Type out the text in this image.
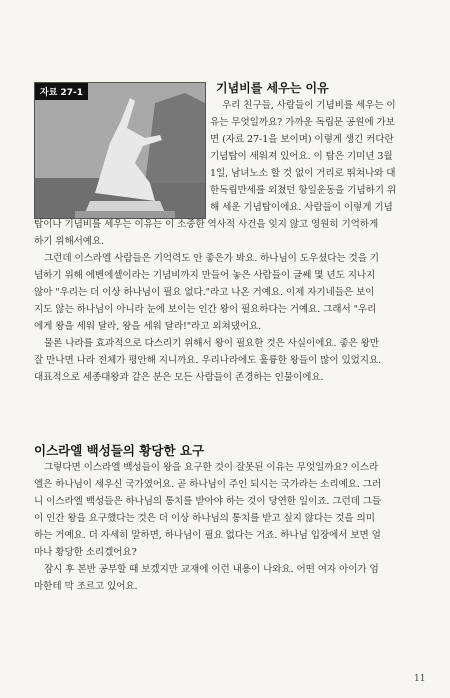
자료 27-1	기념비를 세우는 이유
우리 친구들, 사람들이 기념비를 세우는 이
유는 무엇일까요? 가까운 독립문 공원에 가보
면 (자료 27-1을 보이며) 이렇게 생긴 커다란
기념탑이 세워져 있어요. 이 탑은 기미년 3월
1일, 남녀노소 할 것 없이 거리로 뛰쳐나와 대
한독립만세를 외쳤던 항일운동을 기념하기 위
해 세운 기념탑이에요. 사람들이 이렇게 기념
탑이나 기념비를 세우는 이유는 이 소중한 역사적 사건을 잊지 않고 영원히 기억하게
하기 위해서예요.
그런데 이스라엘 사람들은 기억력도 안 좋은가 봐요. 하나님이 도우셨다는 것을 기
념하기 위해 에벤에셀이라는 기념비까지 만들어 놓은 사람들이 글쎄 몇 년도 지나지
않아 "우리는 더 이상 하나님이 필요 없다."라고 나온 거예요. 이제 자기네들은 보이
지도 않는 하나님이 아니라 눈에 보이는 인간 왕이 필요하다는 거예요. 그래서 "우리
에게 왕을 세워 달라, 왕을 세워 달라!"라고 외쳐댔어요.
물론 나라를 효과적으로 다스리기 위해서 왕이 필요한 것은 사실이에요. 좋은 왕만
잘 만나면 나라 전체가 평안해 지니까요. 우리나라에도 훌륭한 왕들이 많이 있었지요.
대표적으로 세종대왕과 같은 분은 모든 사람들이 존경하는 인물이에요.
이스라엘 백성들의 황당한 요구
그렇다면 이스라엘 백성들이 왕을 요구한 것이 잘못된 이유는 무엇일까요? 이스라
엘은 하나님이 세우신 국가였어요. 곧 하나님이 주인 되시는 국가라는 소리예요. 그러
니 이스라엘 백성들은 하나님의 통치를 받아야 하는 것이 당연한 일이죠. 그런데 그들
이 인간 왕을 요구했다는 것은 더 이상 하나님의 통치를 받고 싶지 않다는 것을 의미
하는 거예요. 더 자세히 말하면, 하나님이 필요 없다는 거죠. 하나님 입장에서 보면 얼
마나 황당한 소리겠어요?
잠시 후 본반 공부할 때 보겠지만 교재에 이런 내용이 나와요. 어떤 여자 아이가 엄
마한테 막 조르고 있어요.
11
